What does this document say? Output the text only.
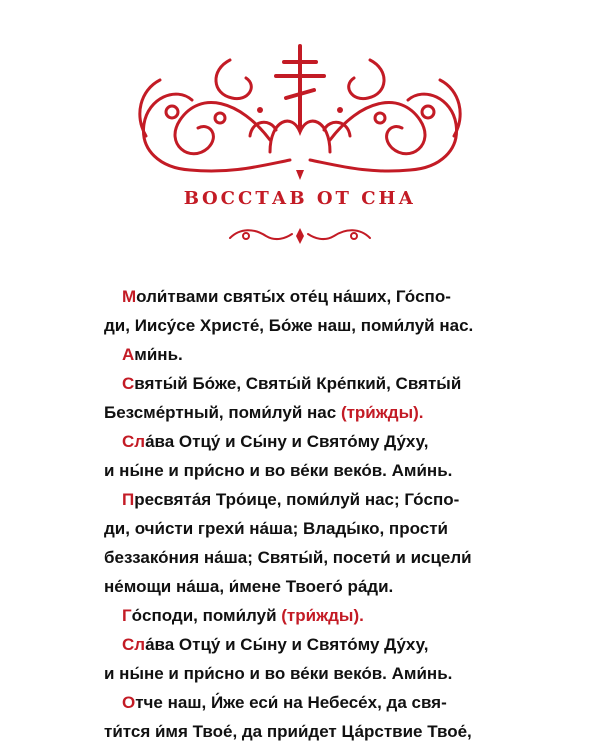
ВОССТАВ ОТ СНА
Моли́твами святы́х оте́ц на́ших, Го́спо-
ди, Иису́се Христе́, Бо́же наш, поми́луй нас.
А ми́нь.
Святы́й Бо́же, Святы́й Кре́пкий, Святы́й
Безсме́ртный, поми́луй нас
(три́жды).
Сла́ва Отцу́ и Сы́ну и Свято́му Ду́ху,
и ны́не и при́сно и во ве́ки веко́в. Ами́нь.
Пресвята́я Тро́ице, поми́луй нас; Го́спо-
ди, очи́сти грехи́ на́ша; Влады́ко, прости́
беззако́ния на́ша; Святы́й, посети́ и исцели́
не́мощи на́ша, и́мене Твоего́ ра́ди.
Г о́споди, поми́луй
(три́жды).
Сла́ва Отцу́ и Сы́ну и Свято́му Ду́ху,
и ны́не и при́сно и во ве́ки веко́в. Ами́нь.
Отче наш, И́же еси́ на Небесе́х, да свя-
ти́тся и́мя Твое́, да прии́дет Ца́рствие Твое́,
